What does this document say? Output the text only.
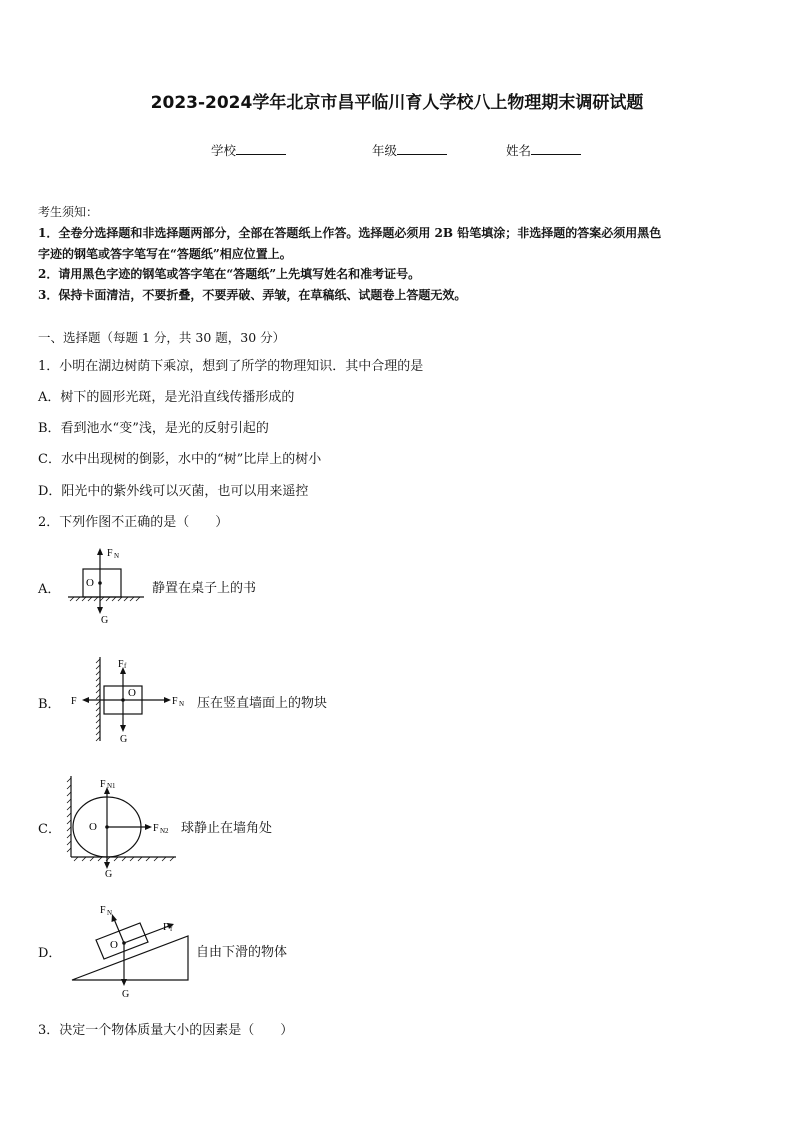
2023-2024学年北京市昌平临川育人学校八上物理期末调研试题
学校	年级	姓名
考生须知：
1．全卷分选择题和非选择题两部分，全部在答题纸上作答。选择题必须用 2B 铅笔填涂；非选择题的答案必须用黑色
字迹的钢笔或答字笔写在“答题纸”相应位置上。
2．请用黑色字迹的钢笔或答字笔在“答题纸”上先填写姓名和准考证号。
3．保持卡面清洁，不要折叠，不要弄破、弄皱，在草稿纸、试题卷上答题无效。
一、选择题（每题 1 分，共 30 题，30 分）
1．小明在湖边树荫下乘凉，想到了所学的物理知识．其中合理的是
A．树下的圆形光斑，是光沿直线传播形成的
B．看到池水“变”浅，是光的反射引起的
C．水中出现树的倒影，水中的“树”比岸上的树小
D．阳光中的紫外线可以灭菌，也可以用来遥控
2．下列作图不正确的是（　　）
A．
F N
O
G
静置在桌子上的书
B．
F f
O
F	F N
G
压在竖直墙面上的物块
C．
F N1
O	F N2
G
球静止在墙角处
D．
F N
F f
O
G
自由下滑的物体
3．决定一个物体质量大小的因素是（　　）
